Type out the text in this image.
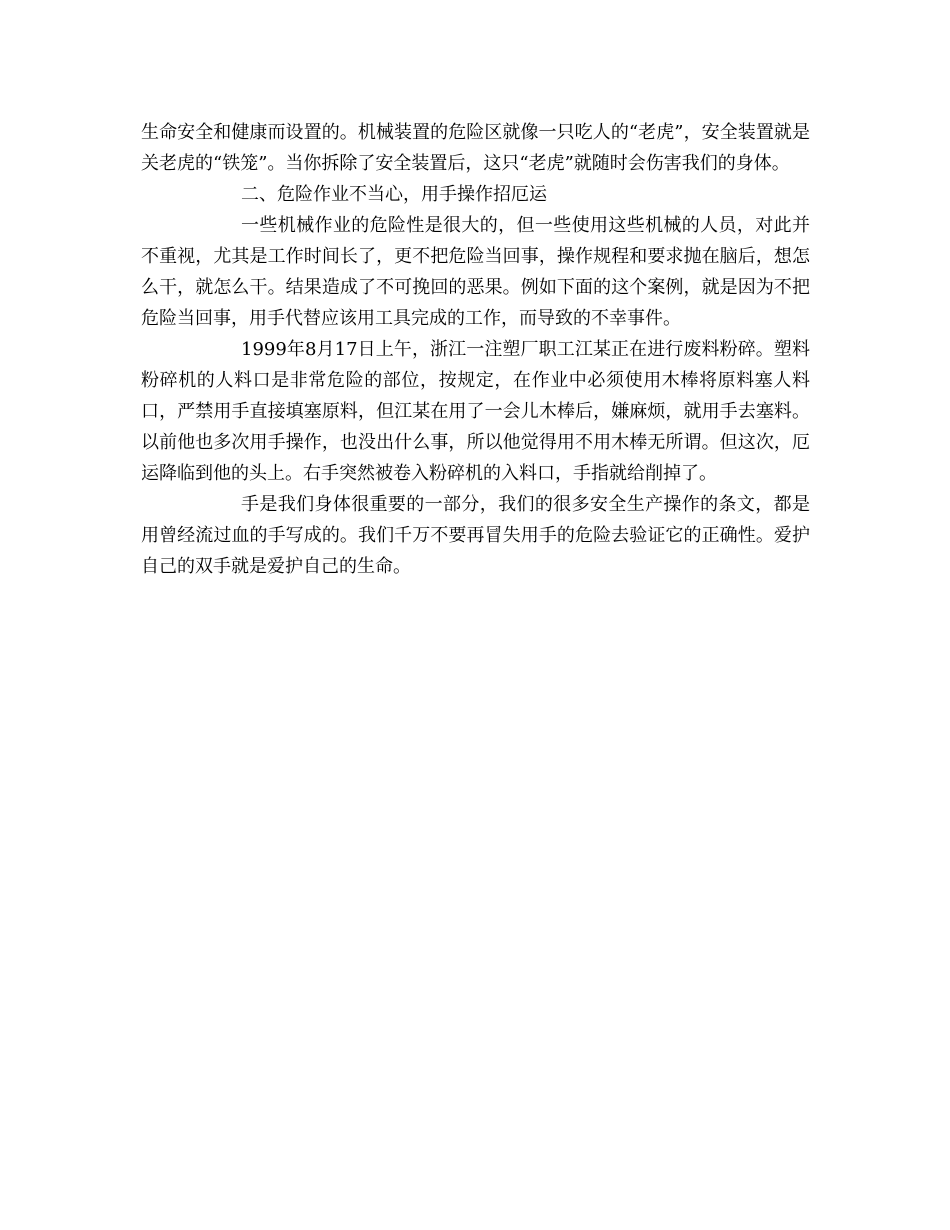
生命安全和健康而设置的。机械装置的危险区就像一只吃人的“老虎”，安全装置就是关老虎的“铁笼”。当你拆除了安全装置后，这只“老虎”就随时会伤害我们的身体。

二、危险作业不当心，用手操作招厄运

一些机械作业的危险性是很大的，但一些使用这些机械的人员，对此并不重视，尤其是工作时间长了，更不把危险当回事，操作规程和要求抛在脑后，想怎么干，就怎么干。结果造成了不可挽回的恶果。例如下面的这个案例，就是因为不把危险当回事，用手代替应该用工具完成的工作，而导致的不幸事件。

1999年8月17日上午，浙江一注塑厂职工江某正在进行废料粉碎。塑料粉碎机的人料口是非常危险的部位，按规定，在作业中必须使用木棒将原料塞人料口，严禁用手直接填塞原料，但江某在用了一会儿木棒后，嫌麻烦，就用手去塞料。以前他也多次用手操作，也没出什么事，所以他觉得用不用木棒无所谓。但这次，厄运降临到他的头上。右手突然被卷入粉碎机的入料口，手指就给削掉了。

手是我们身体很重要的一部分，我们的很多安全生产操作的条文，都是用曾经流过血的手写成的。我们千万不要再冒失用手的危险去验证它的正确性。爱护自己的双手就是爱护自己的生命。
